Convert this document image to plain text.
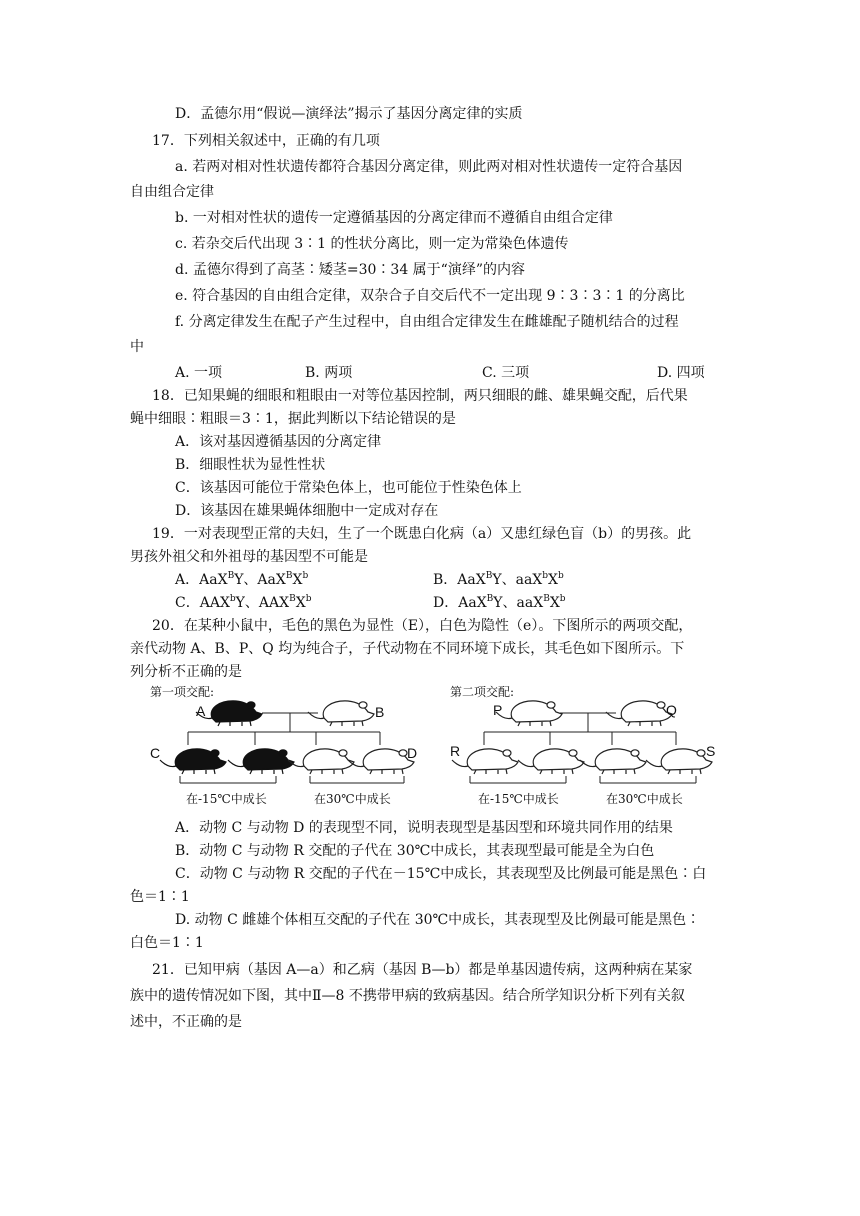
D．孟德尔用“假说—演绎法”揭示了基因分离定律的实质
17．下列相关叙述中，正确的有几项
a. 若两对相对性状遗传都符合基因分离定律，则此两对相对性状遗传一定符合基因
自由组合定律
b. 一对相对性状的遗传一定遵循基因的分离定律而不遵循自由组合定律
c. 若杂交后代出现 3∶1 的性状分离比，则一定为常染色体遗传
d. 孟德尔得到了高茎∶矮茎=30∶34 属于“演绎”的内容
e. 符合基因的自由组合定律，双杂合子自交后代不一定出现 9∶3∶3∶1 的分离比
f. 分离定律发生在配子产生过程中，自由组合定律发生在雌雄配子随机结合的过程
中
A. 一项	B. 两项	C. 三项	D. 四项
18．已知果蝇的细眼和粗眼由一对等位基因控制，两只细眼的雌、雄果蝇交配，后代果
蝇中细眼∶粗眼＝3∶1，据此判断以下结论错误的是
A．该对基因遵循基因的分离定律
B．细眼性状为显性性状
C．该基因可能位于常染色体上，也可能位于性染色体上
D．该基因在雄果蝇体细胞中一定成对存在
19．一对表现型正常的夫妇，生了一个既患白化病（a）又患红绿色盲（b）的男孩。此
男孩外祖父和外祖母的基因型不可能是
A．AaX$^B$Y、$AaX^BX^b$	B．AaX$^B$Y、$aaX^bX^b$
C．AAX$^b$Y、$AAX^BX^b$	D．AaX$^B$Y、$aaX^BX^b$
20．在某种小鼠中，毛色的黑色为显性（E），白色为隐性（e）。下图所示的两项交配，
亲代动物 A、B、P、Q 均为纯合子，子代动物在不同环境下成长，其毛色如下图所示。下
列分析不正确的是
第一项交配:	第二项交配:
A	B
C	D
P	Q
R	S
在-15℃中成长	在30℃中成长	在-15℃中成长	在30℃中成长
A．动物 C 与动物 D 的表现型不同，说明表现型是基因型和环境共同作用的结果
B．动物 C 与动物 R 交配的子代在 30℃中成长，其表现型最可能是全为白色
C．动物 C 与动物 R 交配的子代在－15℃中成长，其表现型及比例最可能是黑色∶白
色＝1∶1
D. 动物 C 雌雄个体相互交配的子代在 30℃中成长，其表现型及比例最可能是黑色∶
白色＝1∶1
21．已知甲病（基因 A—a）和乙病（基因 B—b）都是单基因遗传病，这两种病在某家
族中的遗传情况如下图，其中Ⅱ—8 不携带甲病的致病基因。结合所学知识分析下列有关叙
述中，不正确的是
